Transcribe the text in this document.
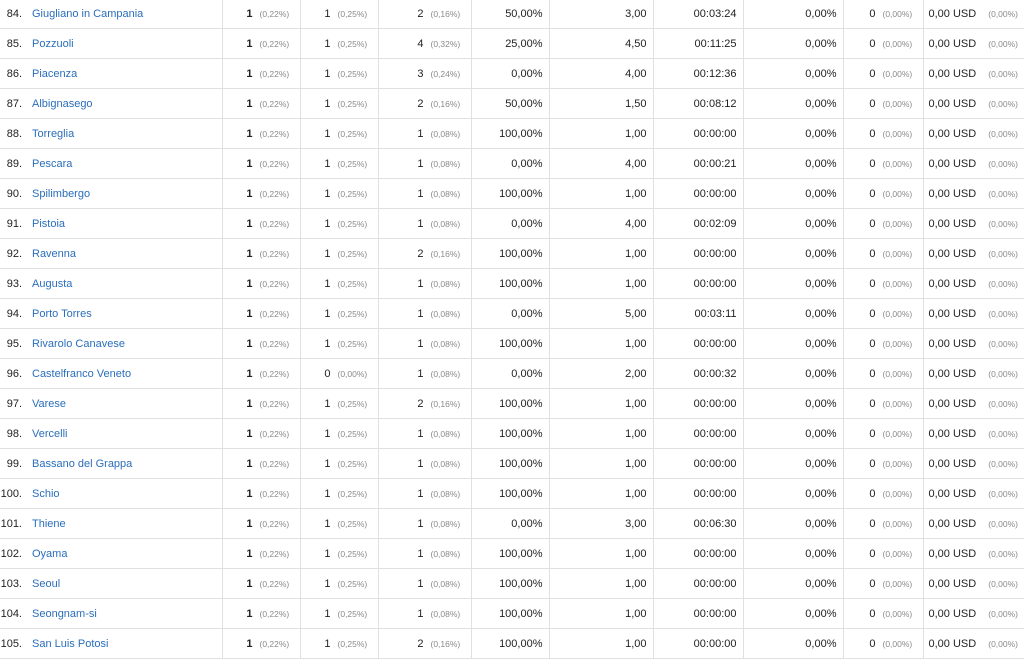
84. Giugliano in Campania	1 (0,22%)	1 (0,25%)	2 (0,16%)	50,00%	3,00	00:03:24	0,00%	0 (0,00%)	0,00 USD (0,00%)

85. Pozzuoli	1 (0,22%)	1 (0,25%)	4 (0,32%)	25,00%	4,50	00:11:25	0,00%	0 (0,00%)	0,00 USD (0,00%)

86. Piacenza	1 (0,22%)	1 (0,25%)	3 (0,24%)	0,00%	4,00	00:12:36	0,00%	0 (0,00%)	0,00 USD (0,00%)

87. Albignasego	1 (0,22%)	1 (0,25%)	2 (0,16%)	50,00%	1,50	00:08:12	0,00%	0 (0,00%)	0,00 USD (0,00%)

88. Torreglia	1 (0,22%)	1 (0,25%)	1 (0,08%)	100,00%	1,00	00:00:00	0,00%	0 (0,00%)	0,00 USD (0,00%)

89. Pescara	1 (0,22%)	1 (0,25%)	1 (0,08%)	0,00%	4,00	00:00:21	0,00%	0 (0,00%)	0,00 USD (0,00%)

90. Spilimbergo	1 (0,22%)	1 (0,25%)	1 (0,08%)	100,00%	1,00	00:00:00	0,00%	0 (0,00%)	0,00 USD (0,00%)

91. Pistoia	1 (0,22%)	1 (0,25%)	1 (0,08%)	0,00%	4,00	00:02:09	0,00%	0 (0,00%)	0,00 USD (0,00%)

92. Ravenna	1 (0,22%)	1 (0,25%)	2 (0,16%)	100,00%	1,00	00:00:00	0,00%	0 (0,00%)	0,00 USD (0,00%)

93. Augusta	1 (0,22%)	1 (0,25%)	1 (0,08%)	100,00%	1,00	00:00:00	0,00%	0 (0,00%)	0,00 USD (0,00%)

94. Porto Torres	1 (0,22%)	1 (0,25%)	1 (0,08%)	0,00%	5,00	00:03:11	0,00%	0 (0,00%)	0,00 USD (0,00%)

95. Rivarolo Canavese	1 (0,22%)	1 (0,25%)	1 (0,08%)	100,00%	1,00	00:00:00	0,00%	0 (0,00%)	0,00 USD (0,00%)

96. Castelfranco Veneto	1 (0,22%)	0 (0,00%)	1 (0,08%)	0,00%	2,00	00:00:32	0,00%	0 (0,00%)	0,00 USD (0,00%)

97. Varese	1 (0,22%)	1 (0,25%)	2 (0,16%)	100,00%	1,00	00:00:00	0,00%	0 (0,00%)	0,00 USD (0,00%)

98. Vercelli	1 (0,22%)	1 (0,25%)	1 (0,08%)	100,00%	1,00	00:00:00	0,00%	0 (0,00%)	0,00 USD (0,00%)

99. Bassano del Grappa	1 (0,22%)	1 (0,25%)	1 (0,08%)	100,00%	1,00	00:00:00	0,00%	0 (0,00%)	0,00 USD (0,00%)

100. Schio	1 (0,22%)	1 (0,25%)	1 (0,08%)	100,00%	1,00	00:00:00	0,00%	0 (0,00%)	0,00 USD (0,00%)

101. Thiene	1 (0,22%)	1 (0,25%)	1 (0,08%)	0,00%	3,00	00:06:30	0,00%	0 (0,00%)	0,00 USD (0,00%)

102. Oyama	1 (0,22%)	1 (0,25%)	1 (0,08%)	100,00%	1,00	00:00:00	0,00%	0 (0,00%)	0,00 USD (0,00%)

103. Seoul	1 (0,22%)	1 (0,25%)	1 (0,08%)	100,00%	1,00	00:00:00	0,00%	0 (0,00%)	0,00 USD (0,00%)

104. Seongnam-si	1 (0,22%)	1 (0,25%)	1 (0,08%)	100,00%	1,00	00:00:00	0,00%	0 (0,00%)	0,00 USD (0,00%)

105. San Luis Potosi	1 (0,22%)	1 (0,25%)	2 (0,16%)	100,00%	1,00	00:00:00	0,00%	0 (0,00%)	0,00 USD (0,00%)
